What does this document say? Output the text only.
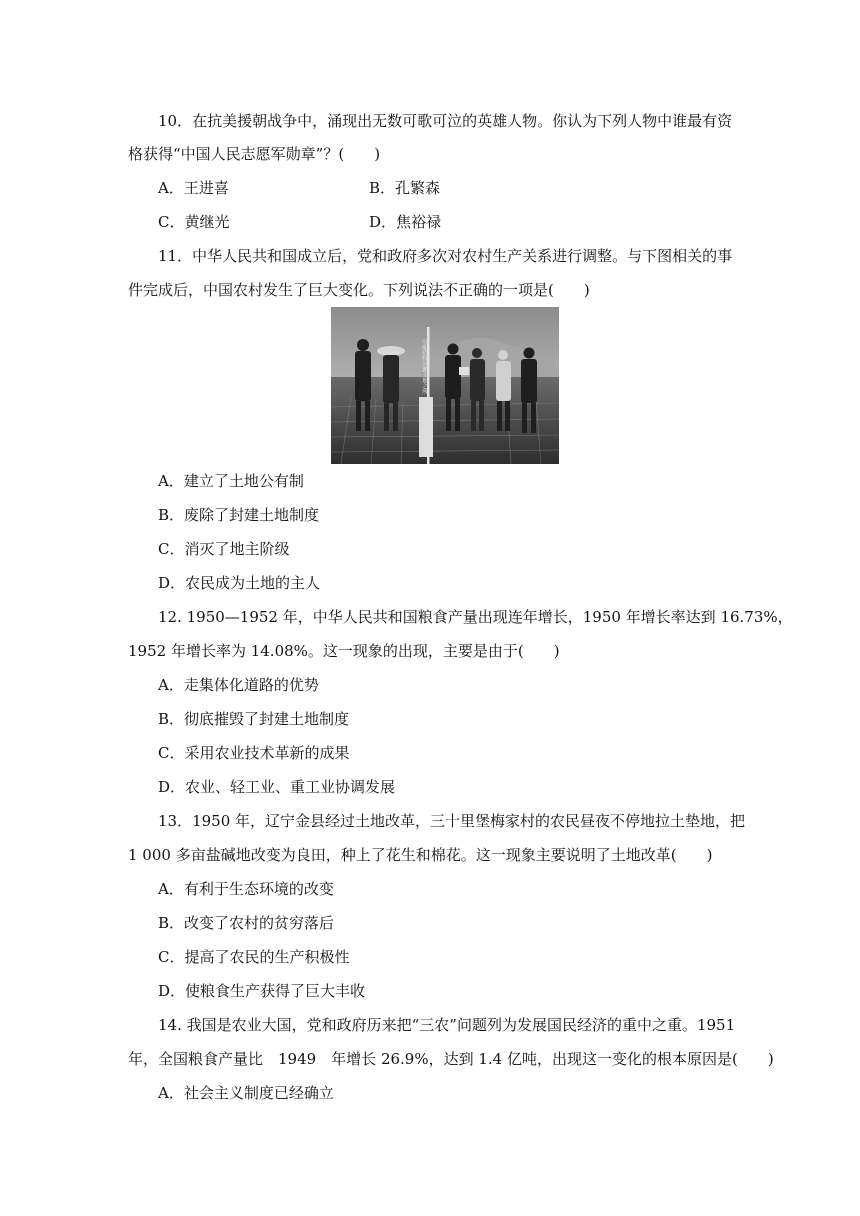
10．在抗美援朝战争中，涌现出无数可歌可泣的英雄人物。你认为下列人物中谁最有资
格获得“中国人民志愿军勋章”？(　　)
A．王进喜	B．孔繁森
C．黄继光	D．焦裕禄
11．中华人民共和国成立后，党和政府多次对农村生产关系进行调整。与下图相关的事
件完成后，中国农村发生了巨大变化。下列说法不正确的一项是(　　)
分配给特分郭土地之所
A．建立了土地公有制
B．废除了封建土地制度
C．消灭了地主阶级
D．农民成为土地的主人
12. 1950—1952 年，中华人民共和国粮食产量出现连年增长，1950 年增长率达到 16.73%，
1952 年增长率为 14.08%。这一现象的出现，主要是由于(　　)
A．走集体化道路的优势
B．彻底摧毁了封建土地制度
C．采用农业技术革新的成果
D．农业、轻工业、重工业协调发展
13．1950 年，辽宁金县经过土地改革，三十里堡梅家村的农民昼夜不停地拉土垫地，把
1 000 多亩盐碱地改变为良田，种上了花生和棉花。这一现象主要说明了土地改革(　　)
A．有利于生态环境的改变
B．改变了农村的贫穷落后
C．提高了农民的生产积极性
D．使粮食生产获得了巨大丰收
14. 我国是农业大国，党和政府历来把“三农”问题列为发展国民经济的重中之重。1951
年，全国粮食产量比　1949　年增长 26.9%，达到 1.4 亿吨，出现这一变化的根本原因是(　　)
A．社会主义制度已经确立
